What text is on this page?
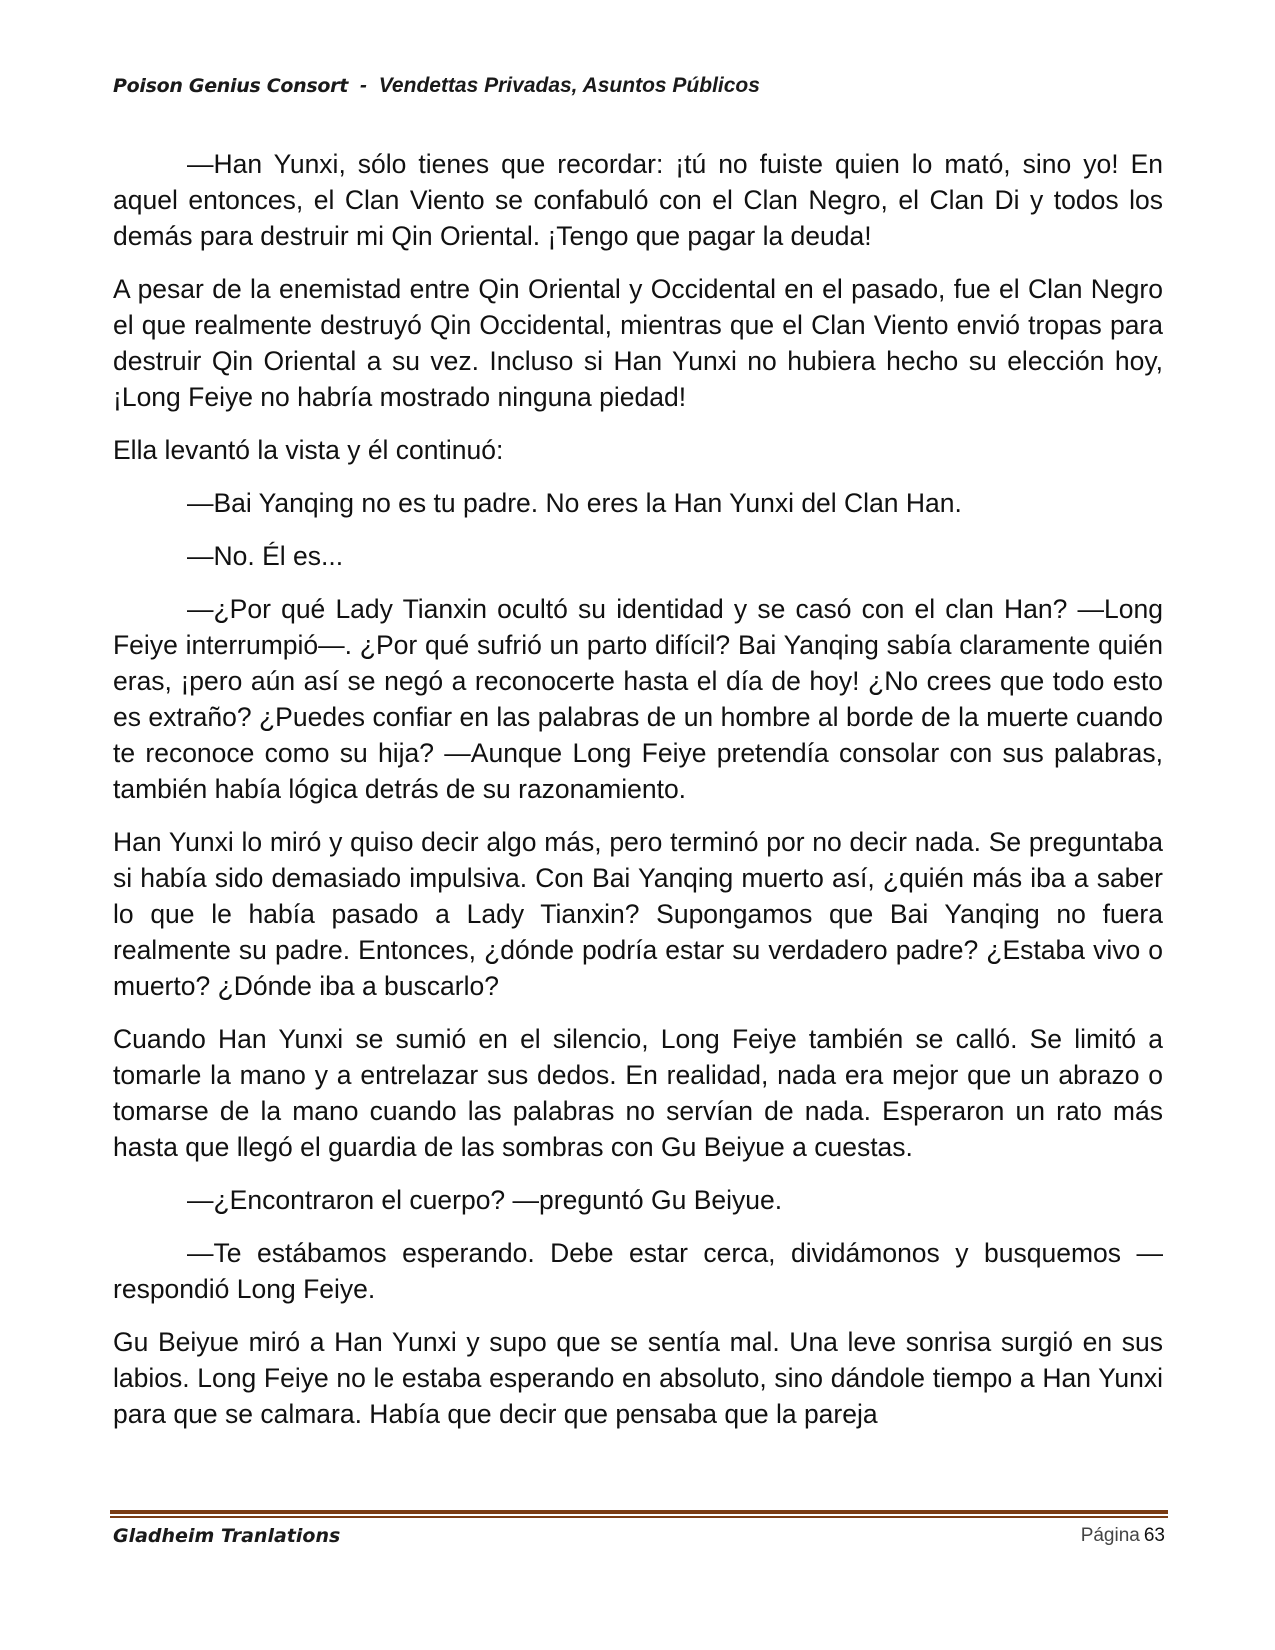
Poison Genius Consort - Vendettas Privadas, Asuntos Públicos

—Han Yunxi, sólo tienes que recordar: ¡tú no fuiste quien lo mató, sino yo! En aquel entonces, el Clan Viento se confabuló con el Clan Negro, el Clan Di y todos los demás para destruir mi Qin Oriental. ¡Tengo que pagar la deuda!

A pesar de la enemistad entre Qin Oriental y Occidental en el pasado, fue el Clan Negro el que realmente destruyó Qin Occidental, mientras que el Clan Viento envió tropas para destruir Qin Oriental a su vez. Incluso si Han Yunxi no hubiera hecho su elección hoy, ¡Long Feiye no habría mostrado ninguna piedad!

Ella levantó la vista y él continuó:

—Bai Yanqing no es tu padre. No eres la Han Yunxi del Clan Han.

—No. Él es...

—¿Por qué Lady Tianxin ocultó su identidad y se casó con el clan Han? —Long Feiye interrumpió—. ¿Por qué sufrió un parto difícil? Bai Yanqing sabía claramente quién eras, ¡pero aún así se negó a reconocerte hasta el día de hoy! ¿No crees que todo esto es extraño? ¿Puedes confiar en las palabras de un hombre al borde de la muerte cuando te reconoce como su hija? —Aunque Long Feiye pretendía consolar con sus palabras, también había lógica detrás de su razonamiento.

Han Yunxi lo miró y quiso decir algo más, pero terminó por no decir nada. Se preguntaba si había sido demasiado impulsiva. Con Bai Yanqing muerto así, ¿quién más iba a saber lo que le había pasado a Lady Tianxin? Supongamos que Bai Yanqing no fuera realmente su padre. Entonces, ¿dónde podría estar su verdadero padre? ¿Estaba vivo o muerto? ¿Dónde iba a buscarlo?

Cuando Han Yunxi se sumió en el silencio, Long Feiye también se calló. Se limitó a tomarle la mano y a entrelazar sus dedos. En realidad, nada era mejor que un abrazo o tomarse de la mano cuando las palabras no servían de nada. Esperaron un rato más hasta que llegó el guardia de las sombras con Gu Beiyue a cuestas.

—¿Encontraron el cuerpo? —preguntó Gu Beiyue.

—Te estábamos esperando. Debe estar cerca, dividámonos y busquemos —respondió Long Feiye.

Gu Beiyue miró a Han Yunxi y supo que se sentía mal. Una leve sonrisa surgió en sus labios. Long Feiye no le estaba esperando en absoluto, sino dándole tiempo a Han Yunxi para que se calmara. Había que decir que pensaba que la pareja

Gladheim Tranlations	Página 63
